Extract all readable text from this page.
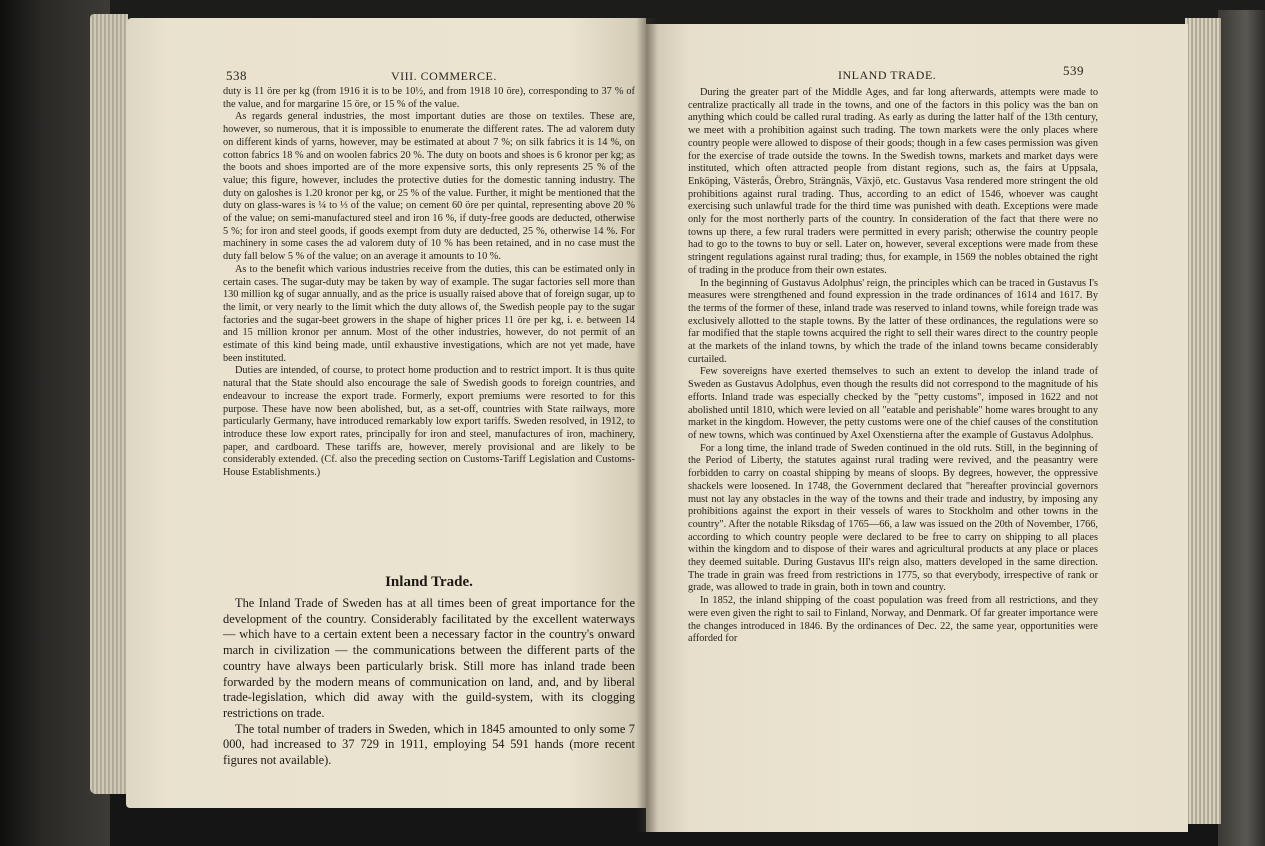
538	VIII. COMMERCE.

duty is 11 öre per kg (from 1916 it is to be 10½, and from 1918 10 öre), corresponding to 37 % of the value, and for margarine 15 öre, or 15 % of the value.

As regards general industries, the most important duties are those on textiles. These are, however, so numerous, that it is impossible to enumerate the different rates. The ad valorem duty on different kinds of yarns, however, may be estimated at about 7 %; on silk fabrics it is 14 %, on cotton fabrics 18 % and on woolen fabrics 20 %. The duty on boots and shoes is 6 kronor per kg; as the boots and shoes imported are of the more expensive sorts, this only represents 25 % of the value; this figure, however, includes the protective duties for the domestic tanning industry. The duty on galoshes is 1.20 kronor per kg, or 25 % of the value. Further, it might be mentioned that the duty on glass-wares is ¼ to ⅓ of the value; on cement 60 öre per quintal, representing above 20 % of the value; on semi-manufactured steel and iron 16 %, if duty-free goods are deducted, otherwise 5 %; for iron and steel goods, if goods exempt from duty are deducted, 25 %, otherwise 14 %. For machinery in some cases the ad valorem duty of 10 % has been retained, and in no case must the duty fall below 5 % of the value; on an average it amounts to 10 %.

As to the benefit which various industries receive from the duties, this can be estimated only in certain cases. The sugar-duty may be taken by way of example. The sugar factories sell more than 130 million kg of sugar annually, and as the price is usually raised above that of foreign sugar, up to the limit, or very nearly to the limit which the duty allows of, the Swedish people pay to the sugar factories and the sugar-beet growers in the shape of higher prices 11 öre per kg, i. e. between 14 and 15 million kronor per annum. Most of the other industries, however, do not permit of an estimate of this kind being made, until exhaustive investigations, which are not yet made, have been instituted.

Duties are intended, of course, to protect home production and to restrict import. It is thus quite natural that the State should also encourage the sale of Swedish goods to foreign countries, and endeavour to increase the export trade. Formerly, export premiums were resorted to for this purpose. These have now been abolished, but, as a set-off, countries with State railways, more particularly Germany, have introduced remarkably low export tariffs. Sweden resolved, in 1912, to introduce these low export rates, principally for iron and steel, manufactures of iron, machinery, paper, and cardboard. These tariffs are, however, merely provisional and are likely to be considerably extended. (Cf. also the preceding section on Customs-Tariff Legislation and Customs-House Establishments.)

Inland Trade.

The Inland Trade of Sweden has at all times been of great importance for the development of the country. Considerably facilitated by the excellent waterways — which have to a certain extent been a necessary factor in the country's onward march in civilization — the communications between the different parts of the country have always been particularly brisk. Still more has inland trade been forwarded by the modern means of communication on land, and, and by liberal trade-legislation, which did away with the guild-system, with its clogging restrictions on trade.

The total number of traders in Sweden, which in 1845 amounted to only some 7 000, had increased to 37 729 in 1911, employing 54 591 hands (more recent figures not available).

INLAND TRADE.	539

During the greater part of the Middle Ages, and far long afterwards, attempts were made to centralize practically all trade in the towns, and one of the factors in this policy was the ban on anything which could be called rural trading. As early as during the latter half of the 13th century, we meet with a prohibition against such trading. The town markets were the only places where country people were allowed to dispose of their goods; though in a few cases permission was given for the exercise of trade outside the towns. In the Swedish towns, markets and market days were instituted, which often attracted people from distant regions, such as, the fairs at Uppsala, Enköping, Västerås, Örebro, Strängnäs, Växjö, etc. Gustavus Vasa rendered more stringent the old prohibitions against rural trading. Thus, according to an edict of 1546, whoever was caught exercising such unlawful trade for the third time was punished with death. Exceptions were made only for the most northerly parts of the country. In consideration of the fact that there were no towns up there, a few rural traders were permitted in every parish; otherwise the country people had to go to the towns to buy or sell. Later on, however, several exceptions were made from these stringent regulations against rural trading; thus, for example, in 1569 the nobles obtained the right of trading in the produce from their own estates.

In the beginning of Gustavus Adolphus' reign, the principles which can be traced in Gustavus I's measures were strengthened and found expression in the trade ordinances of 1614 and 1617. By the terms of the former of these, inland trade was reserved to inland towns, while foreign trade was exclusively allotted to the staple towns. By the latter of these ordinances, the regulations were so far modified that the staple towns acquired the right to sell their wares direct to the country people at the markets of the inland towns, by which the trade of the inland towns became considerably curtailed.

Few sovereigns have exerted themselves to such an extent to develop the inland trade of Sweden as Gustavus Adolphus, even though the results did not correspond to the magnitude of his efforts. Inland trade was especially checked by the "petty customs", imposed in 1622 and not abolished until 1810, which were levied on all "eatable and perishable" home wares brought to any market in the kingdom. However, the petty customs were one of the chief causes of the constitution of new towns, which was continued by Axel Oxenstierna after the example of Gustavus Adolphus.

For a long time, the inland trade of Sweden continued in the old ruts. Still, in the beginning of the Period of Liberty, the statutes against rural trading were revived, and the peasantry were forbidden to carry on coastal shipping by means of sloops. By degrees, however, the oppressive shackels were loosened. In 1748, the Government declared that "hereafter provincial governors must not lay any obstacles in the way of the towns and their trade and industry, by imposing any prohibitions against the export in their vessels of wares to Stockholm and other towns in the country". After the notable Riksdag of 1765—66, a law was issued on the 20th of November, 1766, according to which country people were declared to be free to carry on shipping to all places within the kingdom and to dispose of their wares and agricultural products at any place or places they deemed suitable. During Gustavus III's reign also, matters developed in the same direction. The trade in grain was freed from restrictions in 1775, so that everybody, irrespective of rank or grade, was allowed to trade in grain, both in town and country.

In 1852, the inland shipping of the coast population was freed from all restrictions, and they were even given the right to sail to Finland, Norway, and Denmark. Of far greater importance were the changes introduced in 1846. By the ordinances of Dec. 22, the same year, opportunities were afforded for
